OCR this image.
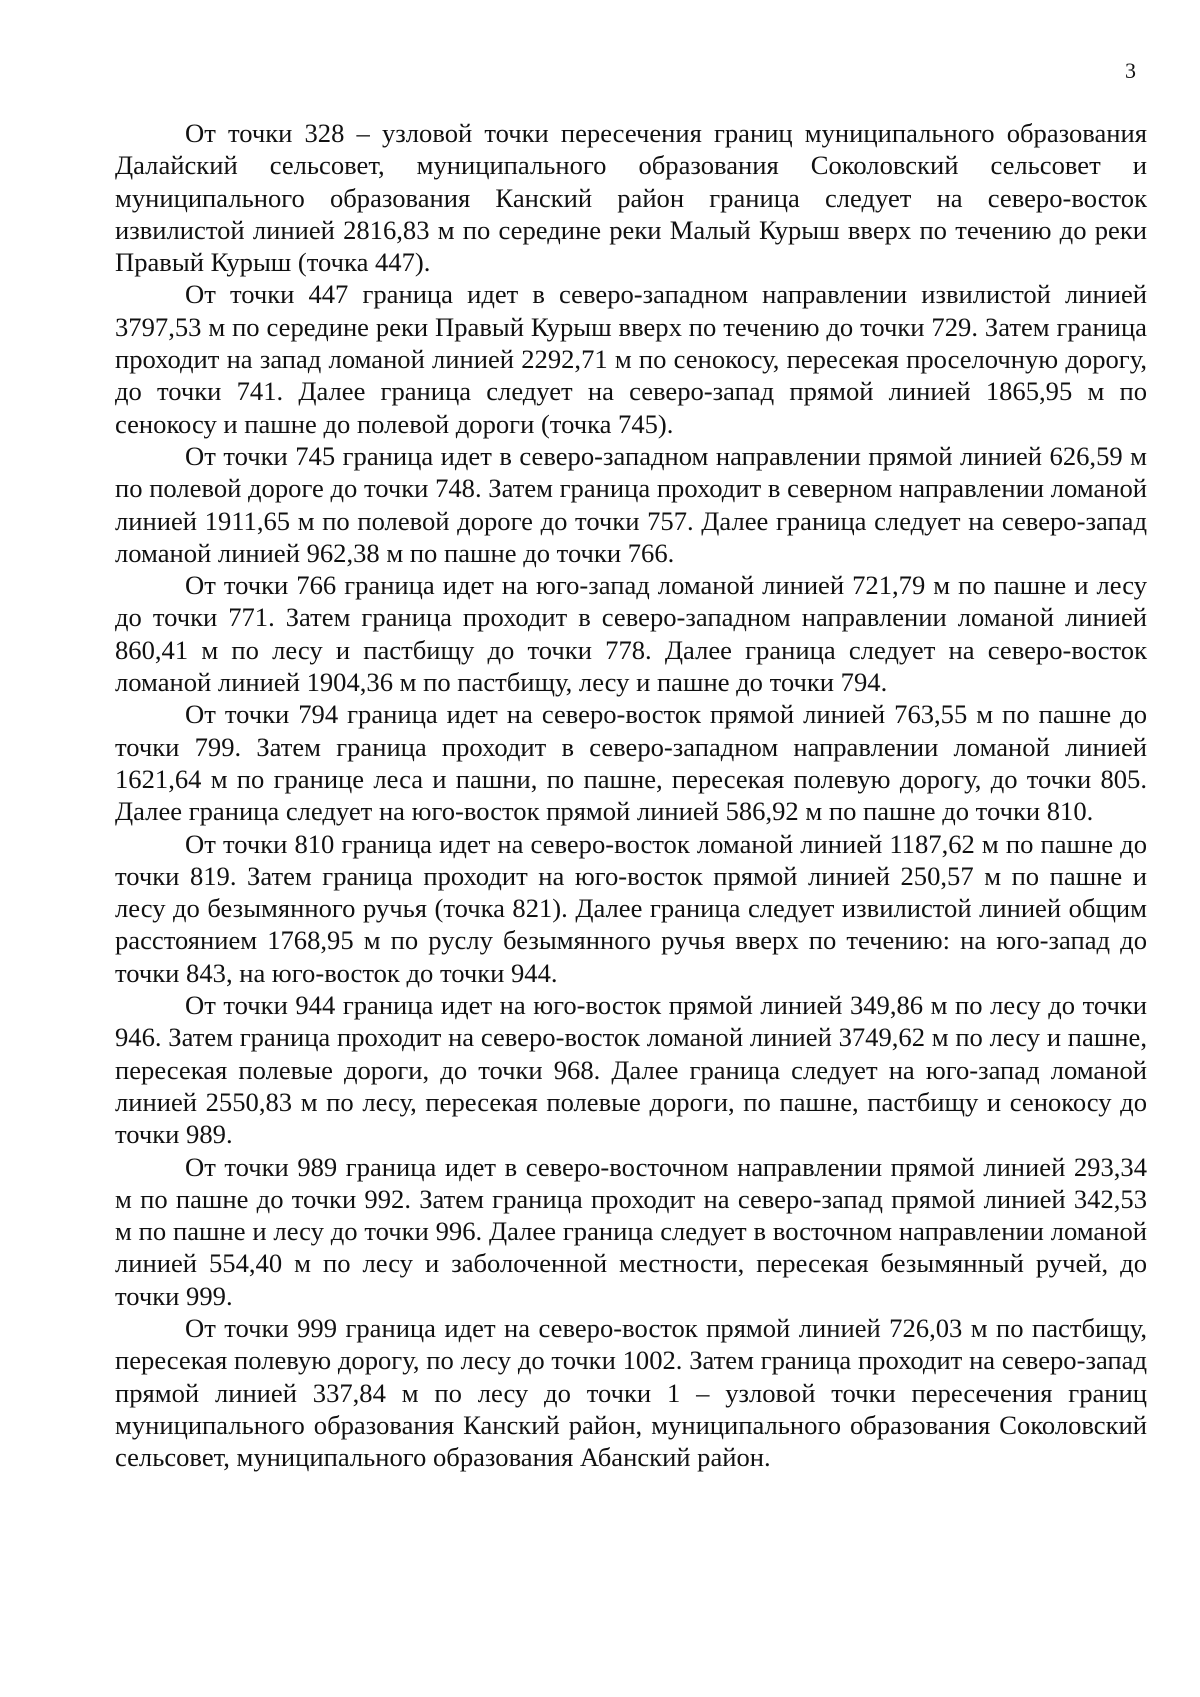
3

От точки 328 – узловой точки пересечения границ муниципального образования Далайский сельсовет, муниципального образования Соколовский сельсовет и муниципального образования Канский район граница следует на северо-восток извилистой линией 2816,83 м по середине реки Малый Курыш вверх по течению до реки Правый Курыш (точка 447).

От точки 447 граница идет в северо-западном направлении извилистой линией 3797,53 м по середине реки Правый Курыш вверх по течению до точки 729. Затем граница проходит на запад ломаной линией 2292,71 м по сенокосу, пересекая проселочную дорогу, до точки 741. Далее граница следует на северо-запад прямой линией 1865,95 м по сенокосу и пашне до полевой дороги (точка 745).

От точки 745 граница идет в северо-западном направлении прямой линией 626,59 м по полевой дороге до точки 748. Затем граница проходит в северном направлении ломаной линией 1911,65 м по полевой дороге до точки 757. Далее граница следует на северо-запад ломаной линией 962,38 м по пашне до точки 766.

От точки 766 граница идет на юго-запад ломаной линией 721,79 м по пашне и лесу до точки 771. Затем граница проходит в северо-западном направлении ломаной линией 860,41 м по лесу и пастбищу до точки 778. Далее граница следует на северо-восток ломаной линией 1904,36 м по пастбищу, лесу и пашне до точки 794.

От точки 794 граница идет на северо-восток прямой линией 763,55 м по пашне до точки 799. Затем граница проходит в северо-западном направлении ломаной линией 1621,64 м по границе леса и пашни, по пашне, пересекая полевую дорогу, до точки 805. Далее граница следует на юго-восток прямой линией 586,92 м по пашне до точки 810.

От точки 810 граница идет на северо-восток ломаной линией 1187,62 м по пашне до точки 819. Затем граница проходит на юго-восток прямой линией 250,57 м по пашне и лесу до безымянного ручья (точка 821). Далее граница следует извилистой линией общим расстоянием 1768,95 м по руслу безымянного ручья вверх по течению: на юго-запад до точки 843, на юго-восток до точки 944.

От точки 944 граница идет на юго-восток прямой линией 349,86 м по лесу до точки 946. Затем граница проходит на северо-восток ломаной линией 3749,62 м по лесу и пашне, пересекая полевые дороги, до точки 968. Далее граница следует на юго-запад ломаной линией 2550,83 м по лесу, пересекая полевые дороги, по пашне, пастбищу и сенокосу до точки 989.

От точки 989 граница идет в северо-восточном направлении прямой линией 293,34 м по пашне до точки 992. Затем граница проходит на северо-запад прямой линией 342,53 м по пашне и лесу до точки 996. Далее граница следует в восточном направлении ломаной линией 554,40 м по лесу и заболоченной местности, пересекая безымянный ручей, до точки 999.

От точки 999 граница идет на северо-восток прямой линией 726,03 м по пастбищу, пересекая полевую дорогу, по лесу до точки 1002. Затем граница проходит на северо-запад прямой линией 337,84 м по лесу до точки 1 – узловой точки пересечения границ муниципального образования Канский район, муниципального образования Соколовский сельсовет, муниципального образования Абанский район.
